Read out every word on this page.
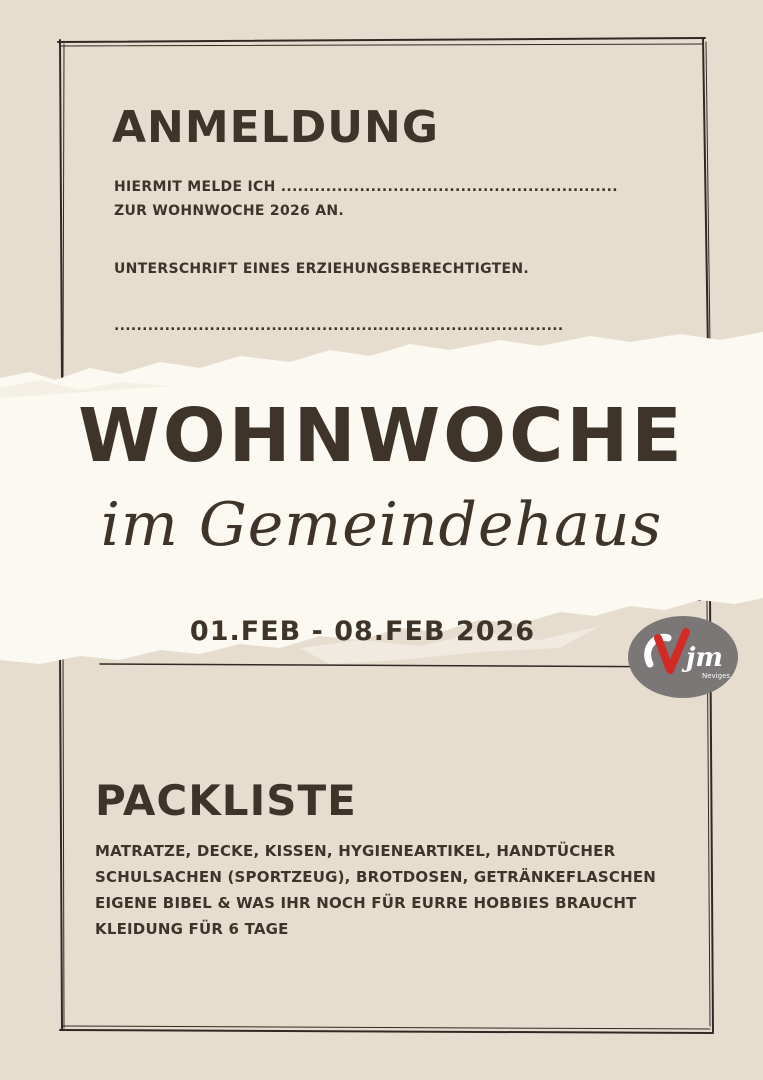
ANMELDUNG
HIERMIT MELDE ICH ............................................................
ZUR WOHNWOCHE 2026 AN.
UNTERSCHRIFT EINES ERZIEHUNGSBERECHTIGTEN.
................................................................................
WOHNWOCHE
im Gemeindehaus
01.FEB - 08.FEB 2026
jm
Neviges
PACKLISTE
MATRATZE, DECKE, KISSEN, HYGIENEARTIKEL, HANDTÜCHER
SCHULSACHEN (SPORTZEUG), BROTDOSEN, GETRÄNKEFLASCHEN
EIGENE BIBEL & WAS IHR NOCH FÜR EURRE HOBBIES BRAUCHT
KLEIDUNG FÜR 6 TAGE
